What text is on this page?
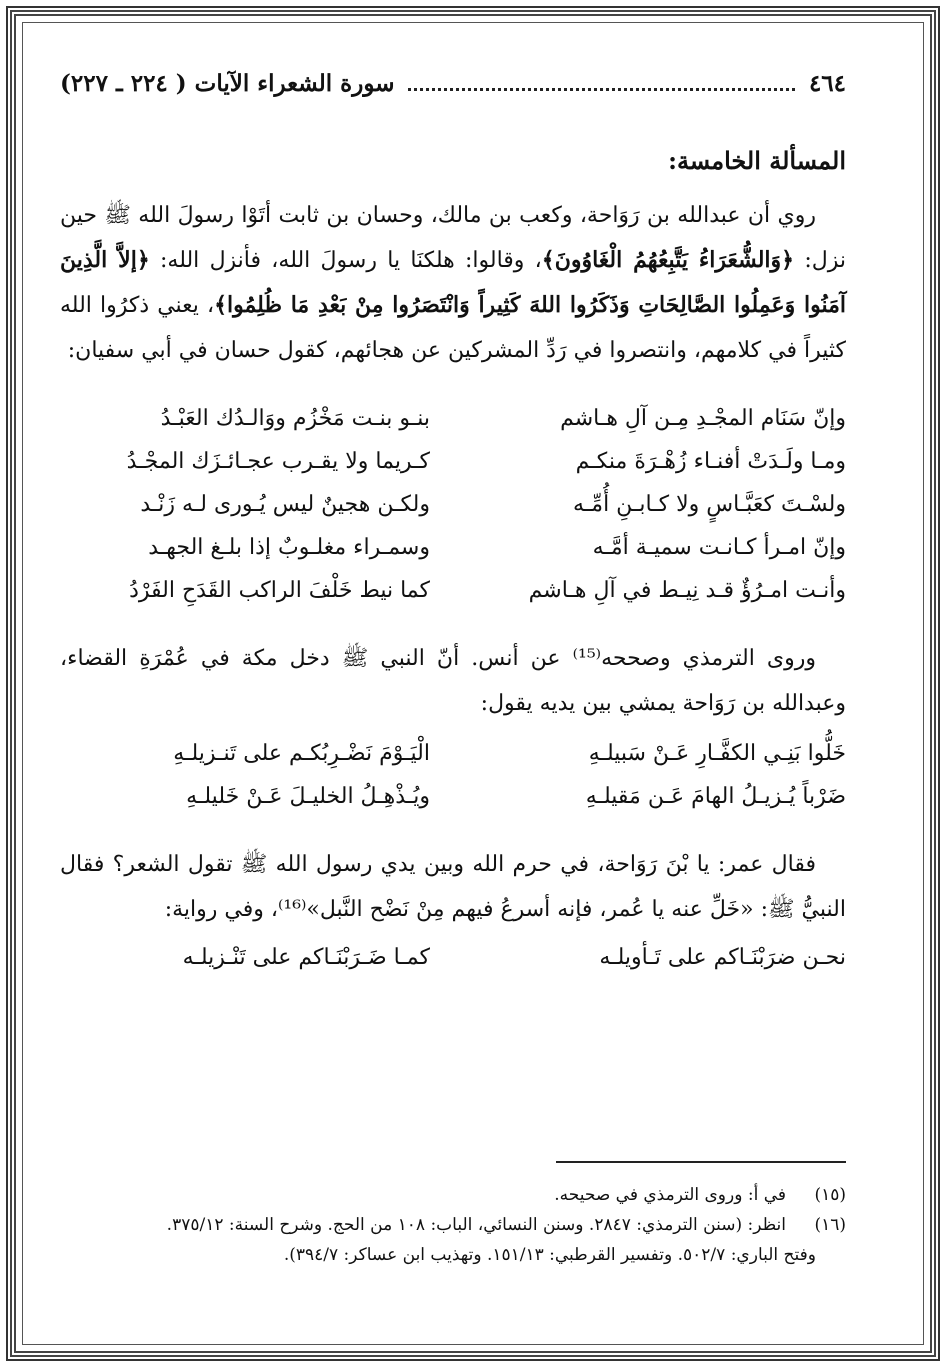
٤٦٤
سورة الشعراء الآيات ( ٢٢٤ ـ ٢٢٧)
المسألة الخامسة:
روي أن عبدالله بن رَوَاحة، وكعب بن مالك، وحسان بن ثابت أتَوْا رسولَ الله ﷺ حين نزل: ﴿وَالشُّعَرَاءُ يَتَّبِعُهُمُ الْغَاوُونَ﴾، وقالوا: هلكنَا يا رسولَ الله، فأنزل الله: ﴿إلاَّ الَّذِينَ آمَنُوا وَعَمِلُوا الصَّالِحَاتِ وَذَكَرُوا اللهَ كَثِيراً وَانْتَصَرُوا مِنْ بَعْدِ مَا ظُلِمُوا﴾، يعني ذكرُوا الله كثيراً في كلامهم، وانتصروا في رَدِّ المشركين عن هجائهم، كقول حسان في أبي سفيان:
وإنّ سَنَام المجْـدِ مِـن آلِ هـاشم
بنـو بنـت مَخْزُم ووَالـدُك العَبْـدُ
ومـا ولَـدَتْ أفنـاء زُهْـرَةَ منكـم
كـريما ولا يقـرب عجـائـزَك المجْـدُ
ولسْـتَ كعَبَّـاسٍ ولا كـابـنِ أُمِّـه
ولكـن هجينٌ ليس يُـورى لـه زَنْـد
وإنّ امـرأ كـانـت سميـة أمَّـه
وسمـراء مغلـوبٌ إذا بلـغ الجهـد
وأنـت امـرُؤٌ قـد نِيـط في آلِ هـاشم
كما نيط خَلْفَ الراكب القَدَحِ الفَرْدُ
وروى الترمذي وصححه⁽¹⁵⁾ عن أنس. أنّ النبي ﷺ دخل مكة في عُمْرَةِ القضاء، وعبدالله بن رَوَاحة يمشي بين يديه يقول:
خَلُّوا بَنِـي الكفَّـارِ عَـنْ سَبيلـهِ
الْيَـوْمَ نَضْـرِبُكـم على تَنـزيلـهِ
ضَرْباً يُـزيـلُ الهامَ عَـن مَقيلـهِ
ويُـذْهِـلُ الخليـلَ عَـنْ خَليلـهِ
فقال عمر: يا بْنَ رَوَاحة، في حرم الله وبين يدي رسول الله ﷺ تقول الشعر؟ فقال النبيُّ ﷺ: «خَلِّ عنه يا عُمر، فإنه أسرعُ فيهم مِنْ نَضْح النَّبل»⁽¹⁶⁾، وفي رواية:
نحـن ضرَبْنَـاكم على تَـأويلـه
كمـا ضَـرَبْنَـاكم على تَنْـزيلـه
(١٥)
في أ: وروى الترمذي في صحيحه.
(١٦)
انظر: (سنن الترمذي: ٢٨٤٧. وسنن النسائي، الباب: ١٠٨ من الحج. وشرح السنة: ٣٧٥/١٢.
وفتح الباري: ٥٠٢/٧. وتفسير القرطبي: ١٥١/١٣. وتهذيب ابن عساكر: ٣٩٤/٧).
